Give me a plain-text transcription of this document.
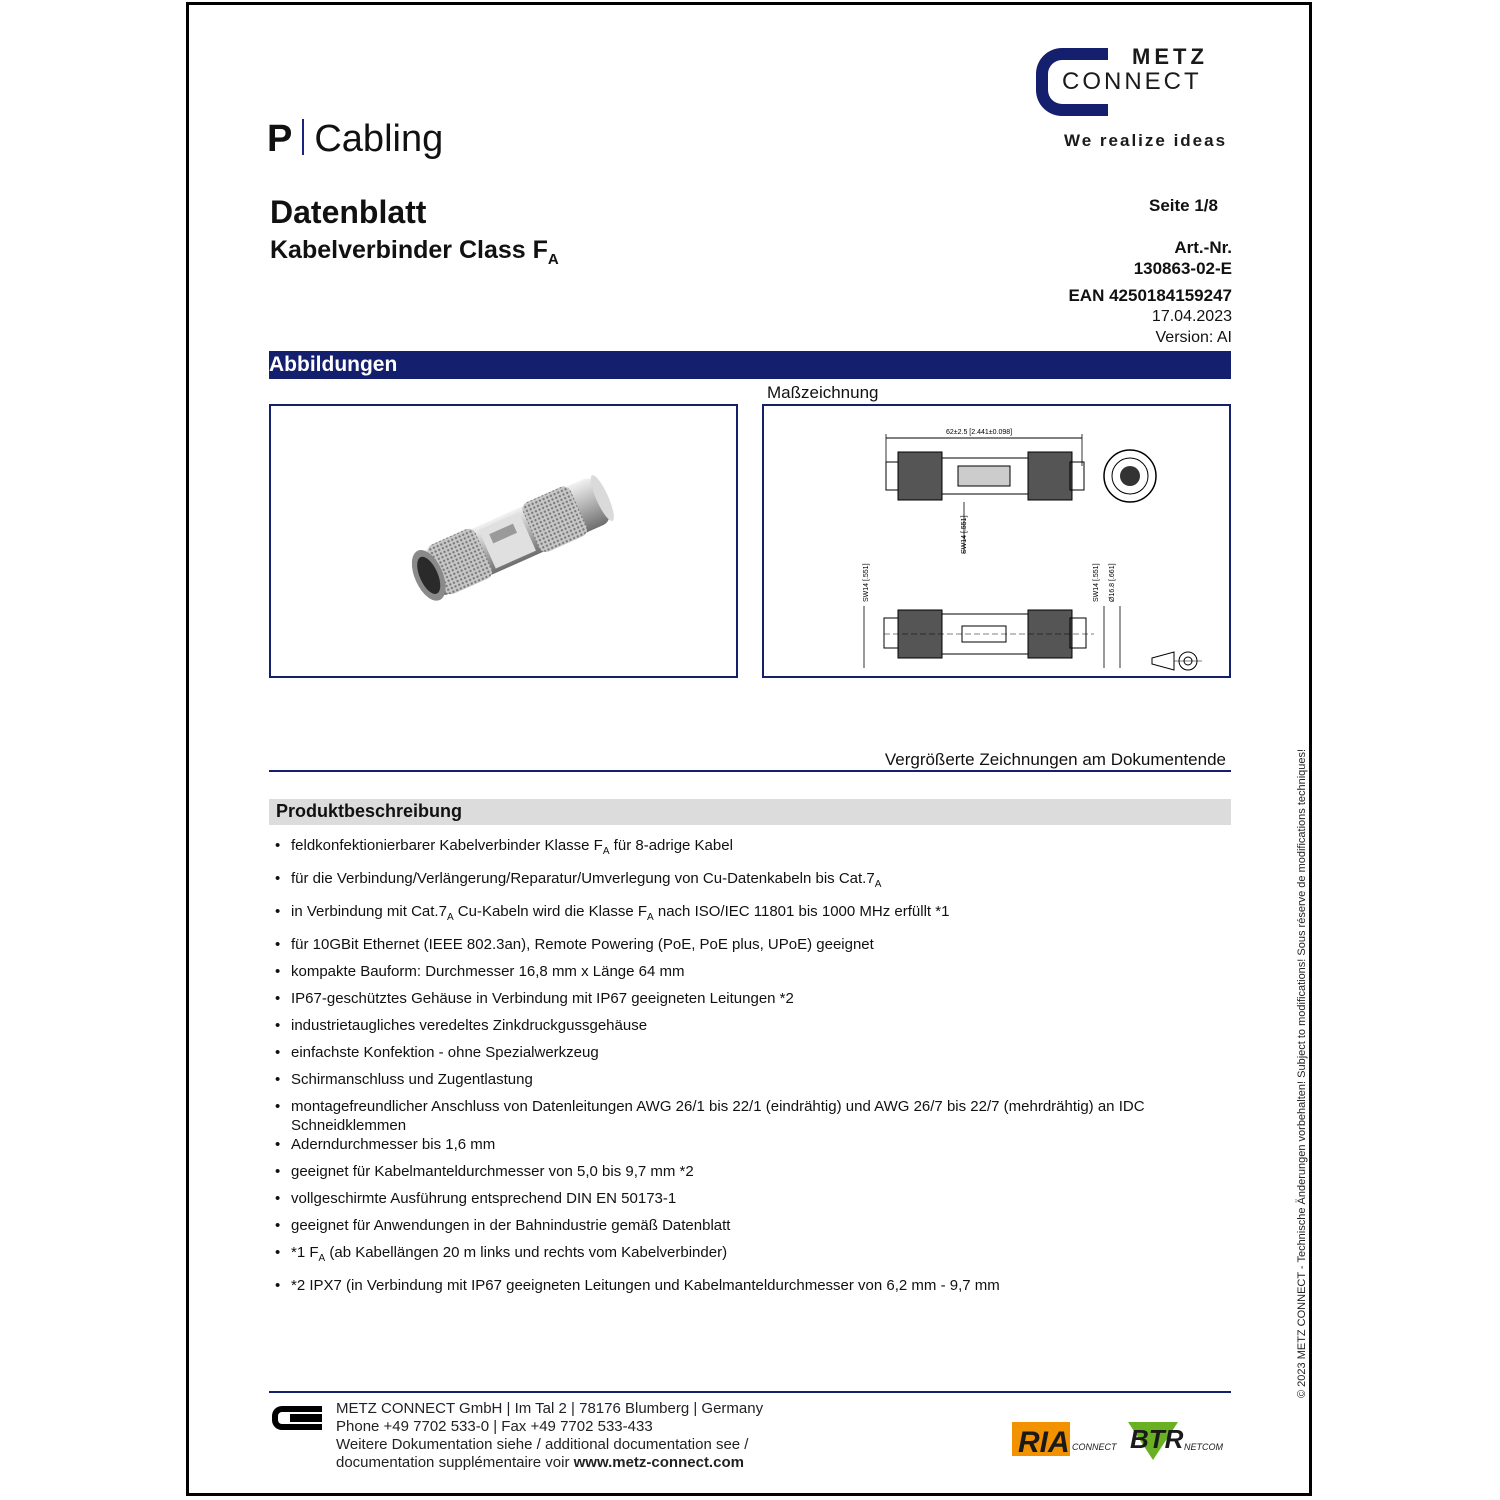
METZ
CONNECT
We realize ideas
P Cabling
Datenblatt
Kabelverbinder Class $F_A$
Seite 1/8
Art.-Nr.
130863-02-E
EAN 4250184159247
17.04.2023
Version: AI
Abbildungen
Maßzeichnung
62±2.5 [2.441±0.098]
SW14 [.551]
SW14 [.551]	SW14 [.551] Ø16.8 [.661]
Vergrößerte Zeichnungen am Dokumentende
Produktbeschreibung
• feldkonfektionierbarer Kabelverbinder Klasse $F_A$ für 8-adrige Kabel
• für die Verbindung/Verlängerung/Reparatur/Umverlegung von Cu-Datenkabeln bis $Cat.7_A$
• in Verbindung mit $Cat.7_A$ Cu-Kabeln wird die Klasse $F_A$ nach ISO/IEC 11801 bis 1000 MHz erfüllt *1
• für 10GBit Ethernet (IEEE 802.3an), Remote Powering (PoE, PoE plus, UPoE) geeignet
• kompakte Bauform: Durchmesser 16,8 mm x Länge 64 mm
• IP67-geschütztes Gehäuse in Verbindung mit IP67 geeigneten Leitungen *2
• industrietaugliches veredeltes Zinkdruckgussgehäuse
• einfachste Konfektion - ohne Spezialwerkzeug
• Schirmanschluss und Zugentlastung
• montagefreundlicher Anschluss von Datenleitungen AWG 26/1 bis 22/1 (eindrähtig) und AWG 26/7 bis 22/7 (mehrdrähtig) an IDC Schneidklemmen
• Aderndurchmesser bis 1,6 mm
• geeignet für Kabelmanteldurchmesser von 5,0 bis 9,7 mm *2
• vollgeschirmte Ausführung entsprechend DIN EN 50173-1
• geeignet für Anwendungen in der Bahnindustrie gemäß Datenblatt
• *1 $F_A$ (ab Kabellängen 20 m links und rechts vom Kabelverbinder)
• *2 IPX7 (in Verbindung mit IP67 geeigneten Leitungen und Kabelmanteldurchmesser von 6,2 mm - 9,7 mm	© 2023 METZ CONNECT - Technische Änderungen vorbehalten! Subject to modifications! Sous réserve de modifications techniques!
METZ CONNECT GmbH | Im Tal 2 | 78176 Blumberg | Germany
Phone +49 7702 533-0 | Fax +49 7702 533-433
Weitere Dokumentation siehe / additional documentation see /
documentation supplémentaire voir www.metz-connect.com
RIA CONNECT BTR NETCOM
